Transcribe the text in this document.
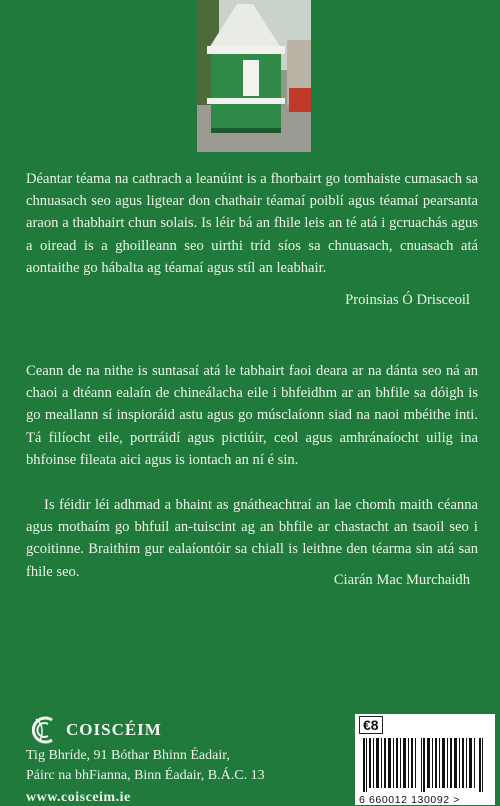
Déantar téama na cathrach a leanúint is a fhorbairt go tomhaiste cumasach sa chnuasach seo agus ligtear don chathair téamaí poiblí agus téamaí pearsanta araon a thabhairt chun solais. Is léir bá an fhile leis an té atá i gcruachás agus a oiread is a ghoilleann seo uirthi tríd síos sa chnuasach, cnuasach atá aontaithe go hábalta ag téamaí agus stíl an leabhair.

Proinsias Ó Drisceoil

Ceann de na nithe is suntasaí atá le tabhairt faoi deara ar na dánta seo ná an chaoi a dtéann ealaín de chineálacha eile i bhfeidhm ar an bhfile sa dóigh is go meallann sí inspioráid astu agus go músclaíonn siad na naoi mbéithe inti. Tá filíocht eile, portráidí agus pictiúir, ceol agus amhránaíocht uilig ina bhfoinse fileata aici agus is iontach an ní é sin.

Is féidir léi adhmad a bhaint as gnátheachtraí an lae chomh maith céanna agus mothaím go bhfuil an-tuiscint ag an bhfile ar chastacht an tsaoil seo i gcoitinne. Braithim gur ealaíontóir sa chiall is leithne den téarma sin atá san fhile seo.

Ciarán Mac Murchaidh

COISCÉIM

Tig Bhríde, 91 Bóthar Bhinn Éadair,

Páirc na bhFianna, Binn Éadair, B.Á.C. 13

www.coisceim.ie

€8
6 660012 130092 >
